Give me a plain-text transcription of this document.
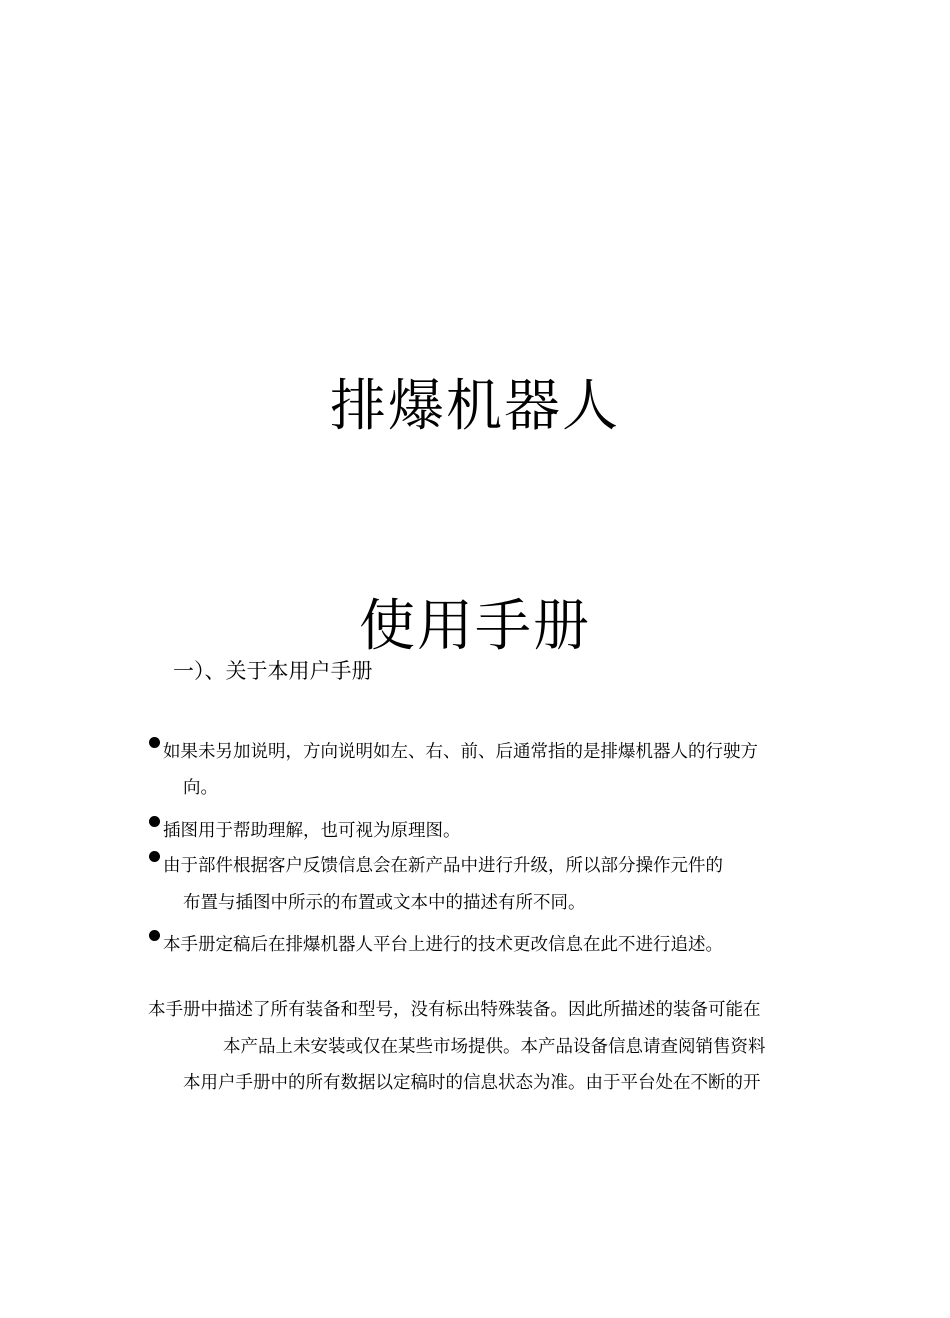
排爆机器人
使用手册
一）、关于本用户手册
如果未另加说明，方向说明如左、右、前、后通常指的是排爆机器人的行驶方
向。
插图用于帮助理解，也可视为原理图。
由于部件根据客户反馈信息会在新产品中进行升级，所以部分操作元件的
布置与插图中所示的布置或文本中的描述有所不同。
本手册定稿后在排爆机器人平台上进行的技术更改信息在此不进行追述。
本手册中描述了所有装备和型号，没有标出特殊装备。因此所描述的装备可能在
本产品上未安装或仅在某些市场提供。本产品设备信息请查阅销售资料
本用户手册中的所有数据以定稿时的信息状态为准。由于平台处在不断的开
